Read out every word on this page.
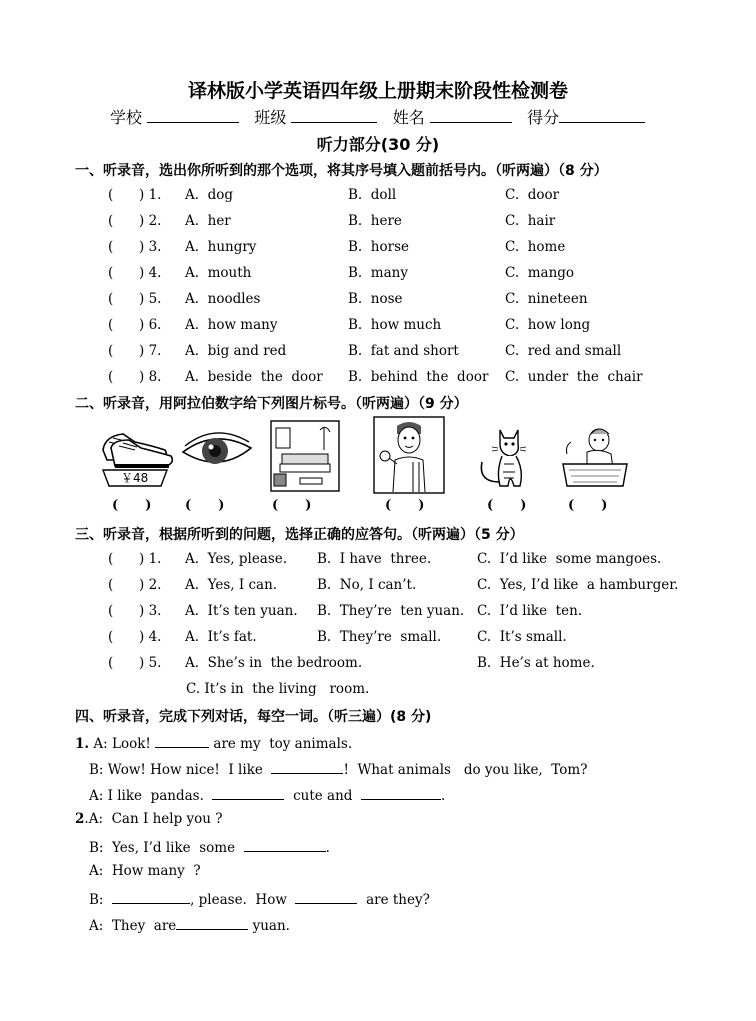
译林版小学英语四年级上册期末阶段性检测卷
学校	班级	姓名	得分
听力部分(30 分)
一、听录音，选出你所听到的那个选项，将其序号填入题前括号内。（听两遍）（8 分）
(      ) 1. A.  dog	B.  doll	C.  door
(      ) 2. A.  her	B.  here	C.  hair
(      ) 3. A.  hungry	B.  horse	C.  home
(      ) 4. A.  mouth	B.  many	C.  mango
(      ) 5. A.  noodles	B.  nose	C.  nineteen
(      ) 6. A.  how many	B.  how much	C.  how long
(      ) 7. A.  big and red	B.  fat and short	C.  red and small
(      ) 8. A.  beside  the  door B.  behind  the  door C.  under  the  chair
二、听录音，用阿拉伯数字给下列图片标号。（听两遍）（9 分）
￥48
(      )	(      )	(      )	(      )	(      )	(      )
三、听录音，根据所听到的问题，选择正确的应答句。（听两遍）（5 分）
(      ) 1. A.  Yes, please. B.  I have  three.	C.  I’d like  some mangoes.
(      ) 2. A.  Yes, I can.	B.  No, I can’t.	C.  Yes, I’d like  a hamburger.
(      ) 3. A.  It’s ten yuan. B.  They’re  ten yuan. C.  I’d like  ten.
(      ) 4. A.  It’s fat.	B.  They’re  small.	C.  It’s small.
(      ) 5. A.  She’s in  the bedroom.	B.  He’s at home.

C. It’s in  the living   room.

四、听录音，完成下列对话，每空一词。（听三遍）(8 分)
1. A: Look!	are my  toy animals.
B: Wow! How nice!  I like	!  What animals   do you like,  Tom?
A: I like  pandas.	cute and	.
2.A:  Can I help you ?
B:  Yes, I’d like  some	.
A:  How many  ?
B:	, please.  How	are they?
A:  They  are	yuan.
